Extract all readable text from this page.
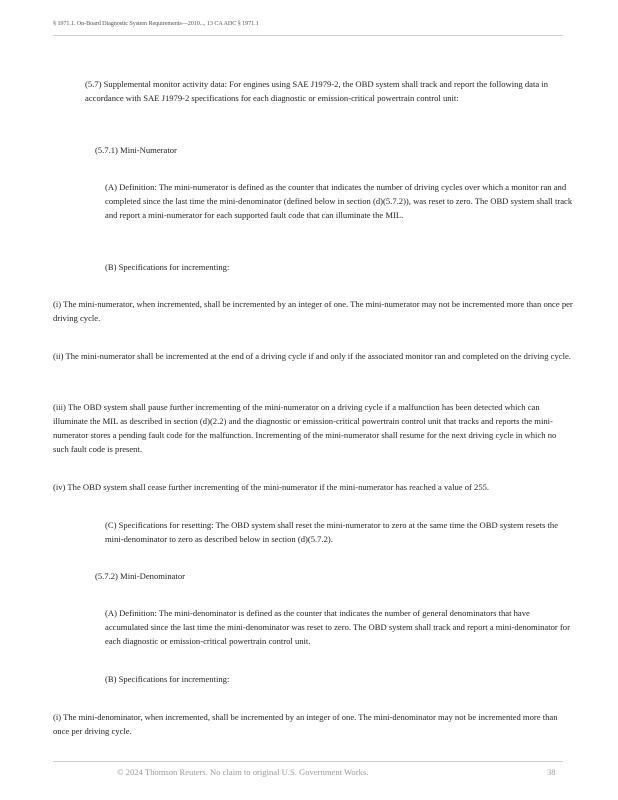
§ 1971.1. On-Board Diagnostic System Requirements—2010..., 13 CA ADC § 1971.1

(5.7) Supplemental monitor activity data: For engines using SAE J1979-2, the OBD system shall track and report the following data in accordance with SAE J1979-2 specifications for each diagnostic or emission-critical powertrain control unit:

(5.7.1) Mini-Numerator

(A) Definition: The mini-numerator is defined as the counter that indicates the number of driving cycles over which a monitor ran and completed since the last time the mini-denominator (defined below in section (d)(5.7.2)), was reset to zero. The OBD system shall track and report a mini-numerator for each supported fault code that can illuminate the MIL.

(B) Specifications for incrementing:

(i) The mini-numerator, when incremented, shall be incremented by an integer of one. The mini-numerator may not be incremented more than once per driving cycle.

(ii) The mini-numerator shall be incremented at the end of a driving cycle if and only if the associated monitor ran and completed on the driving cycle.

(iii) The OBD system shall pause further incrementing of the mini-numerator on a driving cycle if a malfunction has been detected which can illuminate the MIL as described in section (d)(2.2) and the diagnostic or emission-critical powertrain control unit that tracks and reports the mini-numerator stores a pending fault code for the malfunction. Incrementing of the mini-numerator shall resume for the next driving cycle in which no such fault code is present.

(iv) The OBD system shall cease further incrementing of the mini-numerator if the mini-numerator has reached a value of 255.

(C) Specifications for resetting: The OBD system shall reset the mini-numerator to zero at the same time the OBD system resets the mini-denominator to zero as described below in section (d)(5.7.2).

(5.7.2) Mini-Denominator

(A) Definition: The mini-denominator is defined as the counter that indicates the number of general denominators that have accumulated since the last time the mini-denominator was reset to zero. The OBD system shall track and report a mini-denominator for each diagnostic or emission-critical powertrain control unit.

(B) Specifications for incrementing:

(i) The mini-denominator, when incremented, shall be incremented by an integer of one. The mini-denominator may not be incremented more than once per driving cycle.

© 2024 Thomson Reuters. No claim to original U.S. Government Works.	38
